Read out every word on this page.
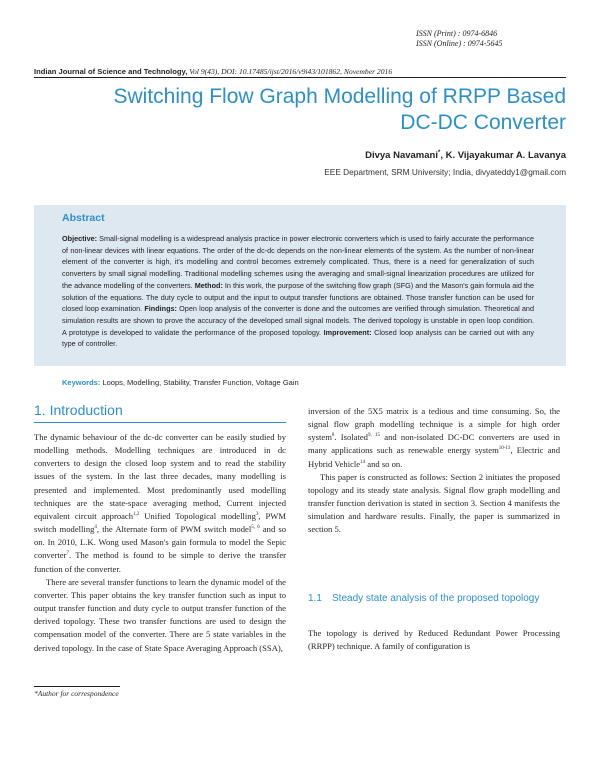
ISSN (Print) : 0974-6846
ISSN (Online) : 0974-5645
Indian Journal of Science and Technology, Vol 9(43), DOI: 10.17485/ijst/2016/v9i43/101862, November 2016
Switching Flow Graph Modelling of RRPP Based DC-DC Converter
Divya Navamani*, K. Vijayakumar A. Lavanya
EEE Department, SRM University; India, divyateddy1@gmail.com
Abstract
Objective: Small-signal modelling is a widespread analysis practice in power electronic converters which is used to fairly accurate the performance of non-linear devices with linear equations. The order of the dc-dc depends on the non-linear elements of the system. As the number of non-linear element of the converter is high, it's modelling and control becomes extremely complicated. Thus, there is a need for generalization of such converters by small signal modelling. Traditional modelling schemes using the averaging and small-signal linearization procedures are utilized for the advance modelling of the converters. Method: In this work, the purpose of the switching flow graph (SFG) and the Mason's gain formula aid the solution of the equations. The duty cycle to output and the input to output transfer functions are obtained. Those transfer function can be used for closed loop examination. Findings: Open loop analysis of the converter is done and the outcomes are verified through simulation. Theoretical and simulation results are shown to prove the accuracy of the developed small signal models. The derived topology is unstable in open loop condition. A prototype is developed to validate the performance of the proposed topology. Improvement: Closed loop analysis can be carried out with any type of controller.
Keywords: Loops, Modelling, Stability, Transfer Function, Voltage Gain
1. Introduction

The dynamic behaviour of the dc-dc converter can be easily studied by modelling methods. Modelling techniques are introduced in dc converters to design the closed loop system and to read the stability issues of the system. In the last three decades, many modelling is presented and implemented. Most predominantly used modelling techniques are the state-space averaging method, Current injected equivalent circuit approach$^{1,2}$ Unified Topological modelling$^3$, PWM switch modelling$^4$, the Alternate form of PWM switch model$^{5, 6}$ and so on. In 2010, L.K. Wong used Mason's gain formula to model the Sepic converter$^7$. The method is found to be simple to derive the transfer function of the converter.

There are several transfer functions to learn the dynamic model of the converter. This paper obtains the key transfer function such as input to output transfer function and duty cycle to output transfer function of the derived topology. These two transfer functions are used to design the compensation model of the converter. There are 5 state variables in the derived topology. In the case of State Space Averaging Approach (SSA),

inversion of the 5X5 matrix is a tedious and time consuming. So, the signal flow graph modelling technique is a simple for high order system$^8$. Isolated$^{9, 15}$ and non-isolated DC-DC converters are used in many applications such as renewable energy system$^{10-13}$, Electric and Hybrid Vehicle$^{14}$ and so on.

This paper is constructed as follows: Section 2 initiates the proposed topology and its steady state analysis. Signal flow graph modelling and transfer function derivation is stated in section 3. Section 4 manifests the simulation and hardware results. Finally, the paper is summarized in section 5.

1.1	Steady state analysis of the proposed topology

The topology is derived by Reduced Redundant Power Processing (RRPP) technique. A family of configuration is

*Author for correspondence
